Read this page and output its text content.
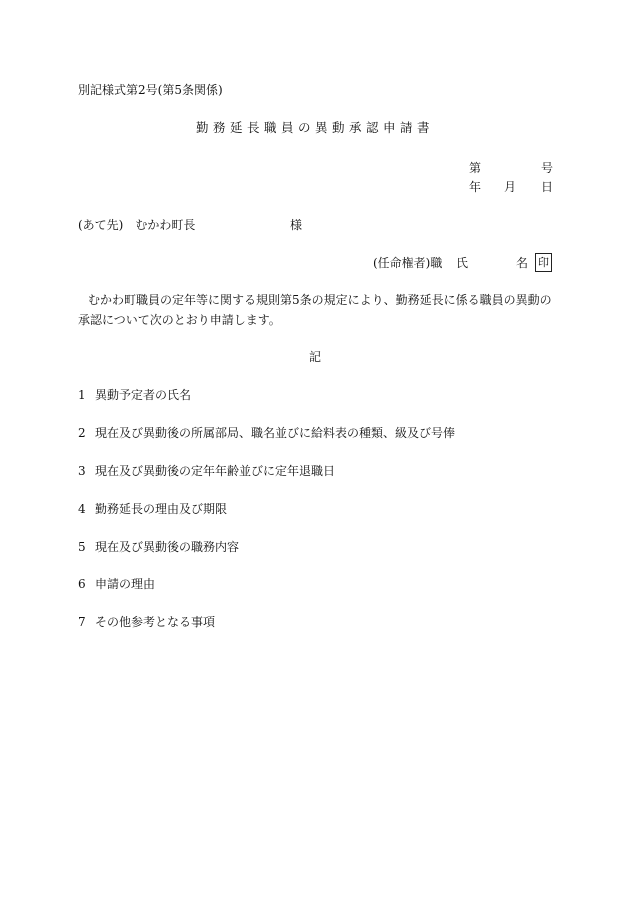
別記様式第2号(第5条関係)
勤務延長職員の異動承認申請書
第	号
年 月 日
(あて先)　むかわ町長	様
(任命権者)職 氏	名 印
むかわ町職員の定年等に関する規則第5条の規定により、勤務延長に係る職員の異動の
承認について次のとおり申請します。
記
1 異動予定者の氏名
2 現在及び異動後の所属部局、職名並びに給料表の種類、級及び号俸
3 現在及び異動後の定年年齢並びに定年退職日
4 勤務延長の理由及び期限
5 現在及び異動後の職務内容
6 申請の理由
7 その他参考となる事項
